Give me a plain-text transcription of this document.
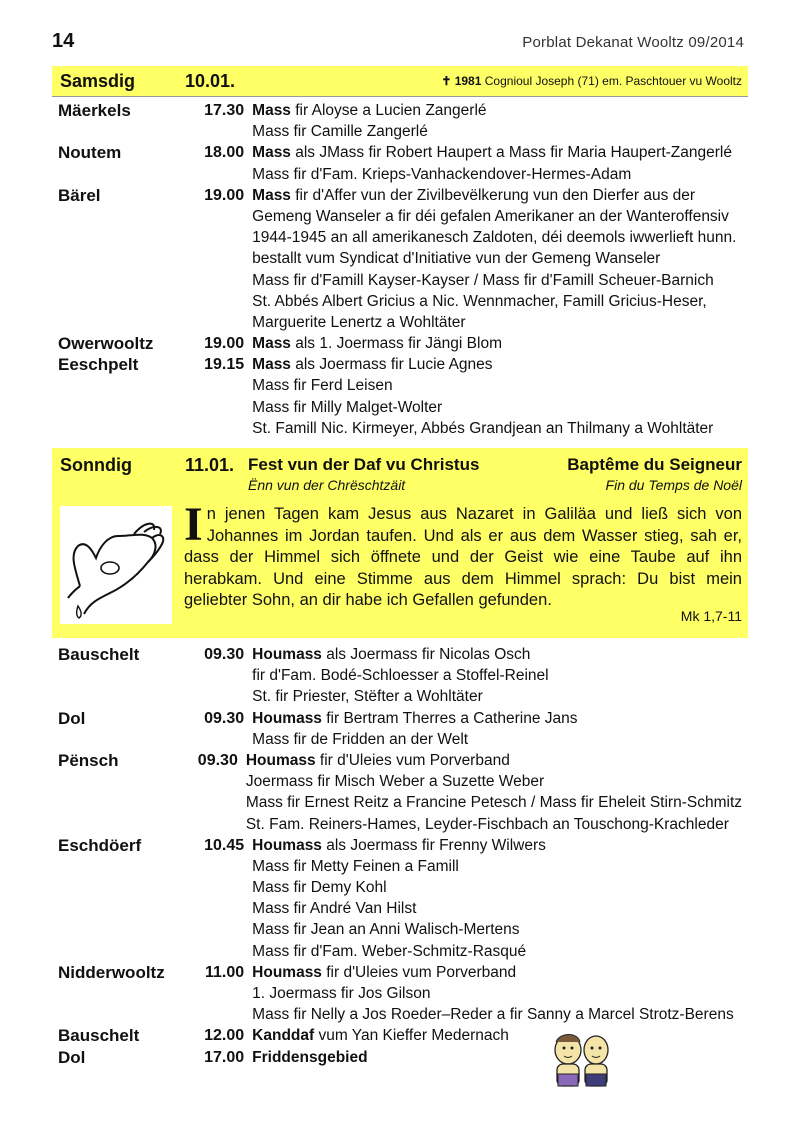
14	Porblat Dekanat Wooltz 09/2014
Samsdig	10.01.	✝ 1981 Cognioul Joseph (71) em. Paschtouer vu Wooltz
Mäerkels	17.30 Mass fir Aloyse a Lucien Zangerlé
Mass fir Camille Zangerlé
Noutem	18.00 Mass als JMass fir Robert Haupert a Mass fir Maria Haupert-Zangerlé
Mass fir d'Fam. Krieps-Vanhackendover-Hermes-Adam
Bärel	19.00 Mass fir d'Affer vun der Zivilbevëlkerung vun den Dierfer aus der
Gemeng Wanseler a fir déi gefalen Amerikaner an der Wanteroffensiv
1944-1945 an all amerikanesch Zaldoten, déi deemols iwwerlieft hunn.
bestallt vum Syndicat d'Initiative vun der Gemeng Wanseler
Mass fir d'Famill Kayser-Kayser / Mass fir d'Famill Scheuer-Barnich
St. Abbés Albert Gricius a Nic. Wennmacher, Famill Gricius-Heser,
Marguerite Lenertz a Wohltäter
Owerwooltz	19.00 Mass als 1. Joermass fir Jängi Blom
Eeschpelt	19.15 Mass als Joermass fir Lucie Agnes
Mass fir Ferd Leisen
Mass fir Milly Malget-Wolter
St. Famill Nic. Kirmeyer, Abbés Grandjean an Thilmany a Wohltäter
Sonndig	11.01. Fest vun der Daf vu Christus	Baptême du Seigneur
Ënn vun der Chrëschtzäit	Fin du Temps de Noël
In jenen Tagen kam Jesus aus Nazaret in Galiläa und ließ sich von Johannes im Jordan taufen. Und als er aus dem Wasser stieg, sah er, dass der Himmel sich öffnete und der Geist wie eine Taube auf ihn herabkam. Und eine Stimme aus dem Himmel sprach: Du bist mein geliebter Sohn, an dir habe ich Gefallen gefunden.
Mk 1,7-11
Bauschelt	09.30 Houmass als Joermass fir Nicolas Osch
fir d'Fam. Bodé-Schloesser a Stoffel-Reinel
St. fir Priester, Stëfter a Wohltäter
Dol	09.30 Houmass fir Bertram Therres a Catherine Jans
Mass fir de Fridden an der Welt
Pënsch	09.30 Houmass fir d'Uleies vum Porverband
Joermass fir Misch Weber a Suzette Weber
Mass fir Ernest Reitz a Francine Petesch / Mass fir Eheleit Stirn-Schmitz
St. Fam. Reiners-Hames, Leyder-Fischbach an Touschong-Krachleder
Eschdöerf	10.45 Houmass als Joermass fir Frenny Wilwers
Mass fir Metty Feinen a Famill
Mass fir Demy Kohl
Mass fir André Van Hilst
Mass fir Jean an Anni Walisch-Mertens
Mass fir d'Fam. Weber-Schmitz-Rasqué
Nidderwooltz	11.00 Houmass fir d'Uleies vum Porverband
1. Joermass fir Jos Gilson
Mass fir Nelly a Jos Roeder–Reder a fir Sanny a Marcel Strotz-Berens
Bauschelt	12.00 Kanddaf vum Yan Kieffer Medernach
Dol	17.00 Friddensgebied
